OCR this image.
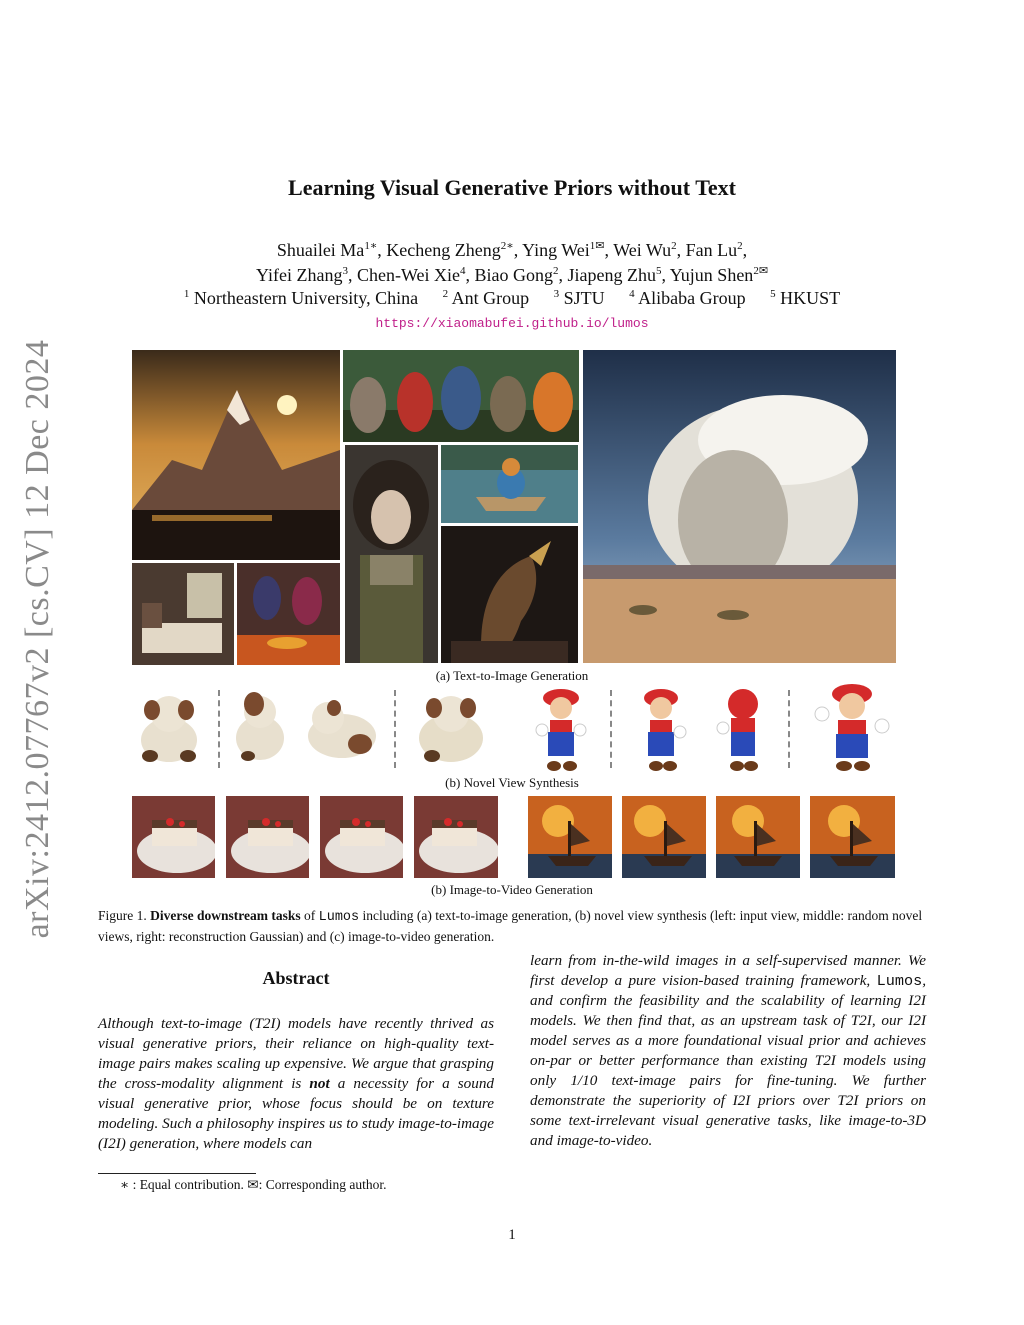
arXiv:2412.07767v2 [cs.CV] 12 Dec 2024
Learning Visual Generative Priors without Text
Shuailei $Ma^{1∗}$, Kecheng Zheng$^{2∗}$, Ying Wei$^{1✉}$, Wei Wu$^2$, Fan Lu$^2$,
Yifei Zhang$^3$, Chen-Wei Xie$^4$, Biao Gong$^2$, Jiapeng Zhu$^5$, Yujun Shen$^{2✉}$
$^1$ Northeastern University, China $^2$ Ant Group $^3$ SJTU $^4$ Alibaba Group $^5$ HKUST
https://xiaomabufei.github.io/lumos
(a) Text-to-Image Generation
(b) Novel View Synthesis
(b) Image-to-Video Generation
Figure 1. Diverse downstream tasks of Lumos including (a) text-to-image generation, (b) novel view synthesis (left: input view, middle: random novel views, right: reconstruction Gaussian) and (c) image-to-video generation.
Abstract
Although text-to-image (T2I) models have recently thrived as visual generative priors, their reliance on high-quality text-image pairs makes scaling up expensive. We argue that grasping the cross-modality alignment is not a necessity for a sound visual generative prior, whose focus should be on texture modeling. Such a philosophy inspires us to study image-to-image (I2I) generation, where models can
learn from in-the-wild images in a self-supervised manner. We first develop a pure vision-based training framework, Lumos, and confirm the feasibility and the scalability of learning I2I models. We then find that, as an upstream task of T2I, our I2I model serves as a more foundational visual prior and achieves on-par or better performance than existing T2I models using only 1/10 text-image pairs for fine-tuning. We further demonstrate the superiority of I2I priors over T2I priors on some text-irrelevant visual generative tasks, like image-to-3D and image-to-video.
∗ : Equal contribution. ✉: Corresponding author.
1
